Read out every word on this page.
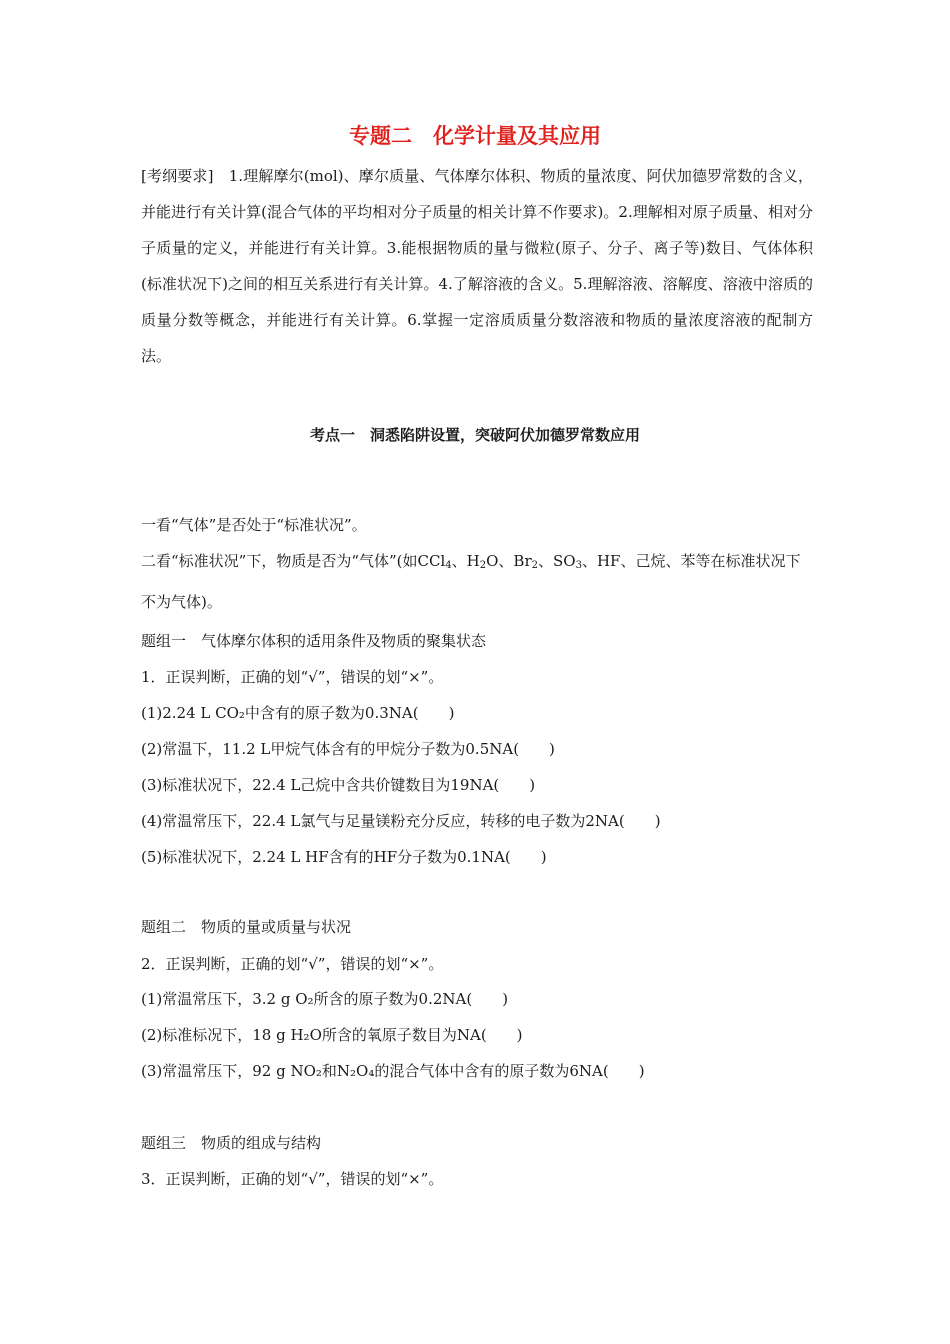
专题二　化学计量及其应用
[考纲要求]　1.理解摩尔(mol)、摩尔质量、气体摩尔体积、物质的量浓度、阿伏加德罗常数的含义，并能进行有关计算(混合气体的平均相对分子质量的相关计算不作要求)。2.理解相对原子质量、相对分子质量的定义，并能进行有关计算。3.能根据物质的量与微粒(原子、分子、离子等)数目、气体体积(标准状况下)之间的相互关系进行有关计算。4.了解溶液的含义。5.理解溶液、溶解度、溶液中溶质的质量分数等概念，并能进行有关计算。6.掌握一定溶质质量分数溶液和物质的量浓度溶液的配制方法。
考点一　洞悉陷阱设置，突破阿伏加德罗常数应用
一看“气体”是否处于“标准状况”。
二看“标准状况”下，物质是否为“气体”(如CCl$_4$、$H_2O$、$Br_2$、$SO_3$、HF、己烷、苯等在标准状况下不为气体)。
题组一　气体摩尔体积的适用条件及物质的聚集状态
1．正误判断，正确的划“√”，错误的划“×”。
(1)2.24 L CO₂中含有的原子数为0.3NA(　　)
(2)常温下，11.2 L甲烷气体含有的甲烷分子数为0.5NA(　　)
(3)标准状况下，22.4 L己烷中含共价键数目为19NA(　　)
(4)常温常压下，22.4 L氯气与足量镁粉充分反应，转移的电子数为2NA(　　)
(5)标准状况下，2.24 L HF含有的HF分子数为0.1NA(　　)
题组二　物质的量或质量与状况
2．正误判断，正确的划“√”，错误的划“×”。
(1)常温常压下，3.2 g O₂所含的原子数为0.2NA(　　)
(2)标准标况下，18 g H₂O所含的氧原子数目为NA(　　)
(3)常温常压下，92 g NO₂和N₂O₄的混合气体中含有的原子数为6NA(　　)
题组三　物质的组成与结构
3．正误判断，正确的划“√”，错误的划“×”。
